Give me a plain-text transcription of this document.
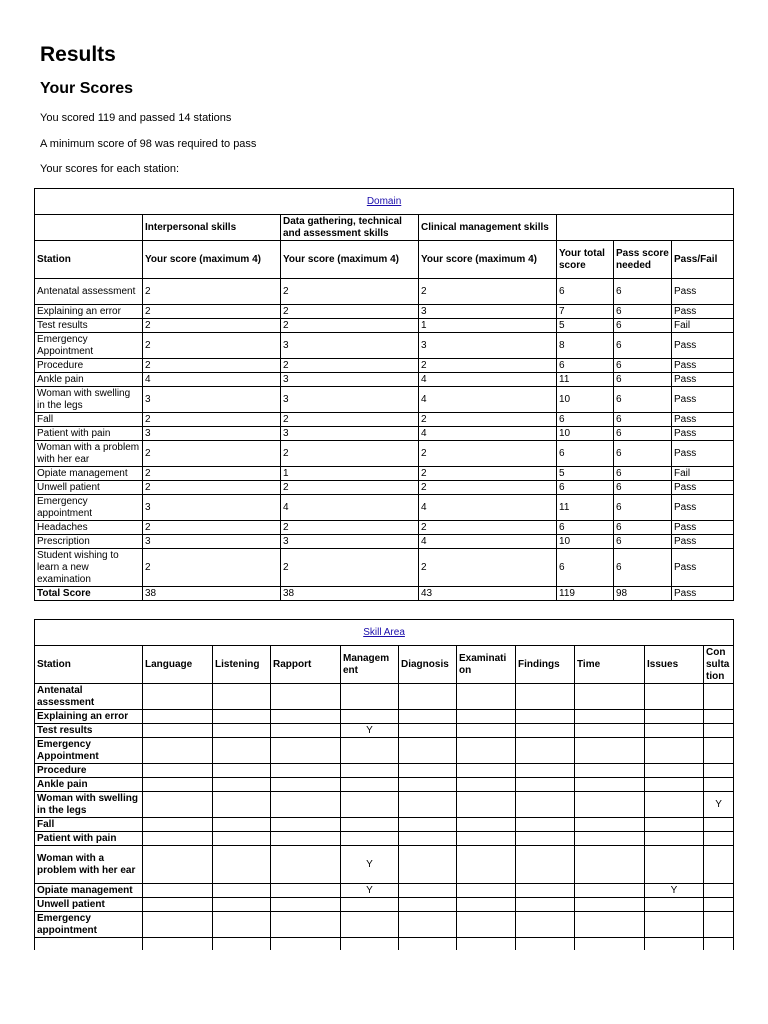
Results
Your Scores

You scored 119 and passed 14 stations

A minimum score of 98 was required to pass

Your scores for each station:

Domain						
	Interpersonal skills	Data gathering, technical and assessment skills	Clinical management skills			
Station	Your score (maximum 4)	Your score (maximum 4)	Your score (maximum 4)	Your total score	Pass score needed	Pass/Fail
Antenatal assessment	2	2	2	6	6	Pass
Explaining an error	2	2	3	7	6	Pass
Test results	2	2	1	5	6	Fail
Emergency Appointment	2	3	3	8	6	Pass
Procedure	2	2	2	6	6	Pass
Ankle pain	4	3	4	11	6	Pass
Woman with swelling in the legs	3	3	4	10	6	Pass
Fall	2	2	2	6	6	Pass
Patient with pain	3	3	4	10	6	Pass
Woman with a problem with her ear	2	2	2	6	6	Pass
Opiate management	2	1	2	5	6	Fail
Unwell patient	2	2	2	6	6	Pass
Emergency appointment	3	4	4	11	6	Pass
Headaches	2	2	2	6	6	Pass
Prescription	3	3	4	10	6	Pass
Student wishing to learn a new examination	2	2	2	6	6	Pass
Total Score	38	38	43	119	98	Pass
Skill Area										
Station	Language	Listening	Rapport	Managem ent	Diagnosis	Examinati on	Findings	Time	Issues	Con sulta tion
Antenatal assessment										
Explaining an error										
Test results				Y						
Emergency Appointment										
Procedure										
Ankle pain										
Woman with swelling in the legs										Y
Fall										
Patient with pain										
Woman with a problem with her ear				Y						
Opiate management				Y					Y	
Unwell patient										
Emergency appointment										
